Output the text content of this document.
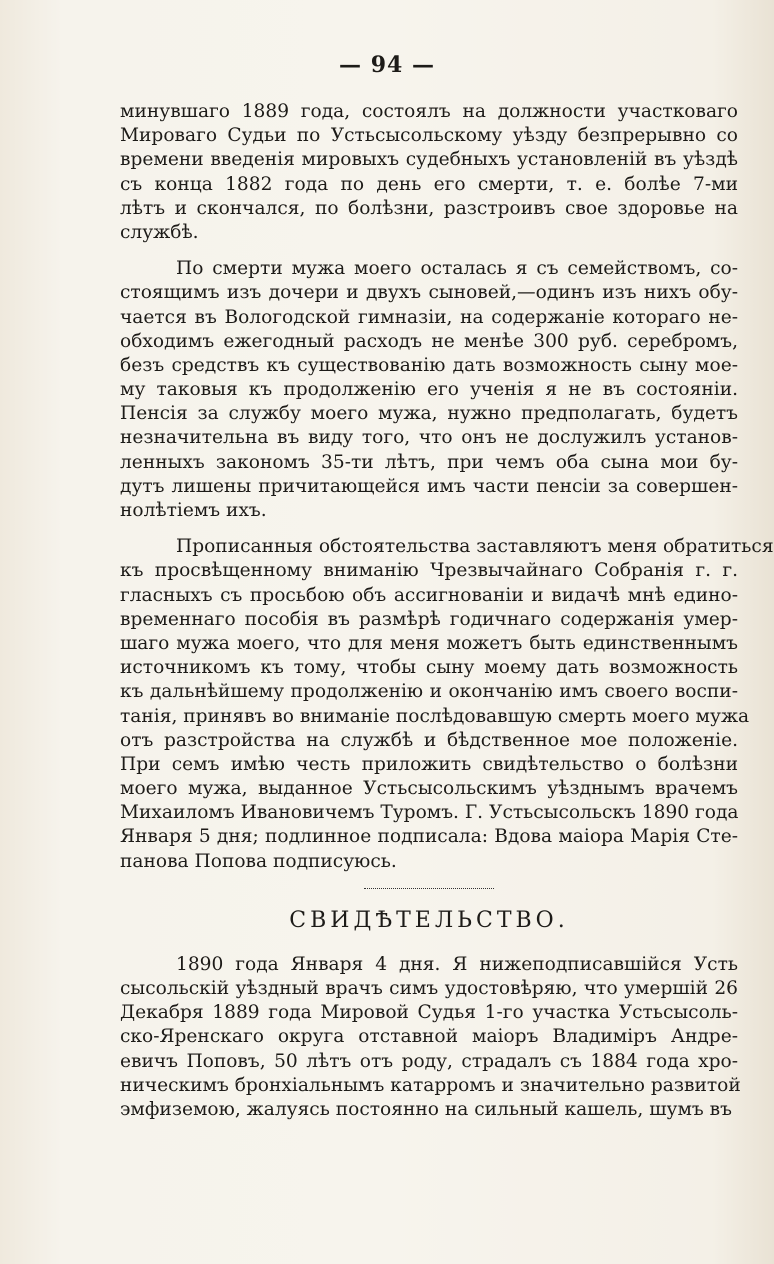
— 94 —
минувшаго 1889 года, состоялъ на должности участковаго
Мироваго Судьи по Устьсысольскому уѣзду безпрерывно со
времени введенія мировыхъ судебныхъ установленій въ уѣздѣ
съ конца 1882 года по день его смерти, т. е. болѣе 7-ми
лѣтъ и скончался, по болѣзни, разстроивъ свое здоровье на
службѣ.
По смерти мужа моего осталась я съ семействомъ, со-
стоящимъ изъ дочери и двухъ сыновей,—одинъ изъ нихъ обу-
чается въ Вологодской гимназіи, на содержаніе котораго не-
обходимъ ежегодный расходъ не менѣе 300 руб. серебромъ,
безъ средствъ къ существованію дать возможность сыну мое-
му таковыя къ продолженію его ученія я не въ состояніи.
Пенсія за службу моего мужа, нужно предполагать, будетъ
незначительна въ виду того, что онъ не дослужилъ установ-
ленныхъ закономъ 35-ти лѣтъ, при чемъ оба сына мои бу-
дутъ лишены причитающейся имъ части пенсіи за совершен-
нолѣтіемъ ихъ.
Прописанныя обстоятельства заставляютъ меня обратиться
къ просвѣщенному вниманію Чрезвычайнаго Собранія г. г.
гласныхъ съ просьбою объ ассигнованіи и видачѣ мнѣ едино-
временнаго пособія въ размѣрѣ годичнаго содержанія умер-
шаго мужа моего, что для меня можетъ быть единственнымъ
источникомъ къ тому, чтобы сыну моему дать возможность
къ дальнѣйшему продолженію и окончанію имъ своего воспи-
танія, принявъ во вниманіе послѣдовавшую смерть моего мужа
отъ разстройства на службѣ и бѣдственное мое положеніе.
При семъ имѣю честь приложить свидѣтельство о болѣзни
моего мужа, выданное Устьсысольскимъ уѣзднымъ врачемъ
Михаиломъ Ивановичемъ Туромъ. Г. Устьсысольскъ 1890 года
Января 5 дня; подлинное подписала: Вдова маіора Марія Сте-
панова Попова подписуюсь.
СВИДѢТЕЛЬСТВО.
1890 года Января 4 дня. Я нижеподписавшійся Усть
сысольскій уѣздный врачъ симъ удостовѣряю, что умершій 26
Декабря 1889 года Мировой Судья 1-го участка Устьсысоль-
ско-Яренскаго округа отставной маіоръ Владиміръ Андре-
евичъ Поповъ, 50 лѣтъ отъ роду, страдалъ съ 1884 года хро-
ническимъ бронхіальнымъ катарромъ и значительно развитой
эмфиземою, жалуясь постоянно на сильный кашель, шумъ въ
